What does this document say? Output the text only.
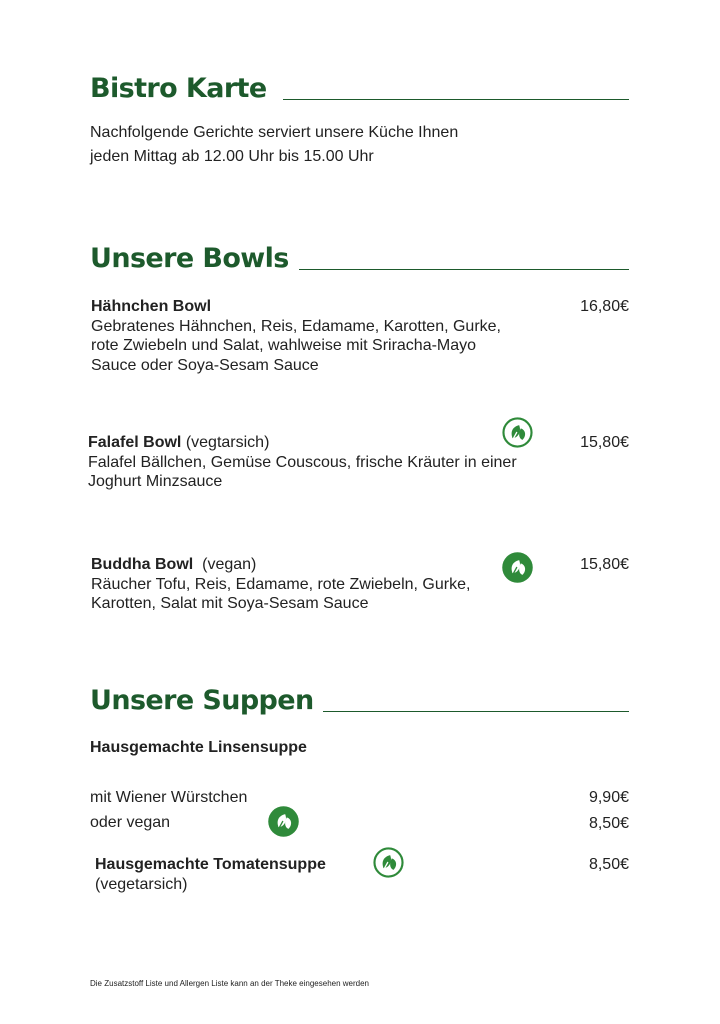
Bistro Karte
Nachfolgende Gerichte serviert unsere Küche Ihnen
jeden Mittag ab 12.00 Uhr bis 15.00 Uhr
Unsere Bowls
Hähnchen Bowl
Gebratenes Hähnchen, Reis, Edamame, Karotten, Gurke,
rote Zwiebeln und Salat, wahlweise mit Sriracha-Mayo
Sauce oder Soya-Sesam Sauce
16,80€
Falafel Bowl (vegtarsich)
Falafel Bällchen, Gemüse Couscous, frische Kräuter in einer
Joghurt Minzsauce
15,80€
Buddha Bowl (vegan)
Räucher Tofu, Reis, Edamame, rote Zwiebeln, Gurke,
Karotten, Salat mit Soya-Sesam Sauce
15,80€
Unsere Suppen
Hausgemachte Linsensuppe
mit Wiener Würstchen	9,90€
oder vegan	8,50€
Hausgemachte Tomatensuppe
(vegetarsich)
8,50€
Die Zusatzstoff Liste und Allergen Liste kann an der Theke eingesehen werden
